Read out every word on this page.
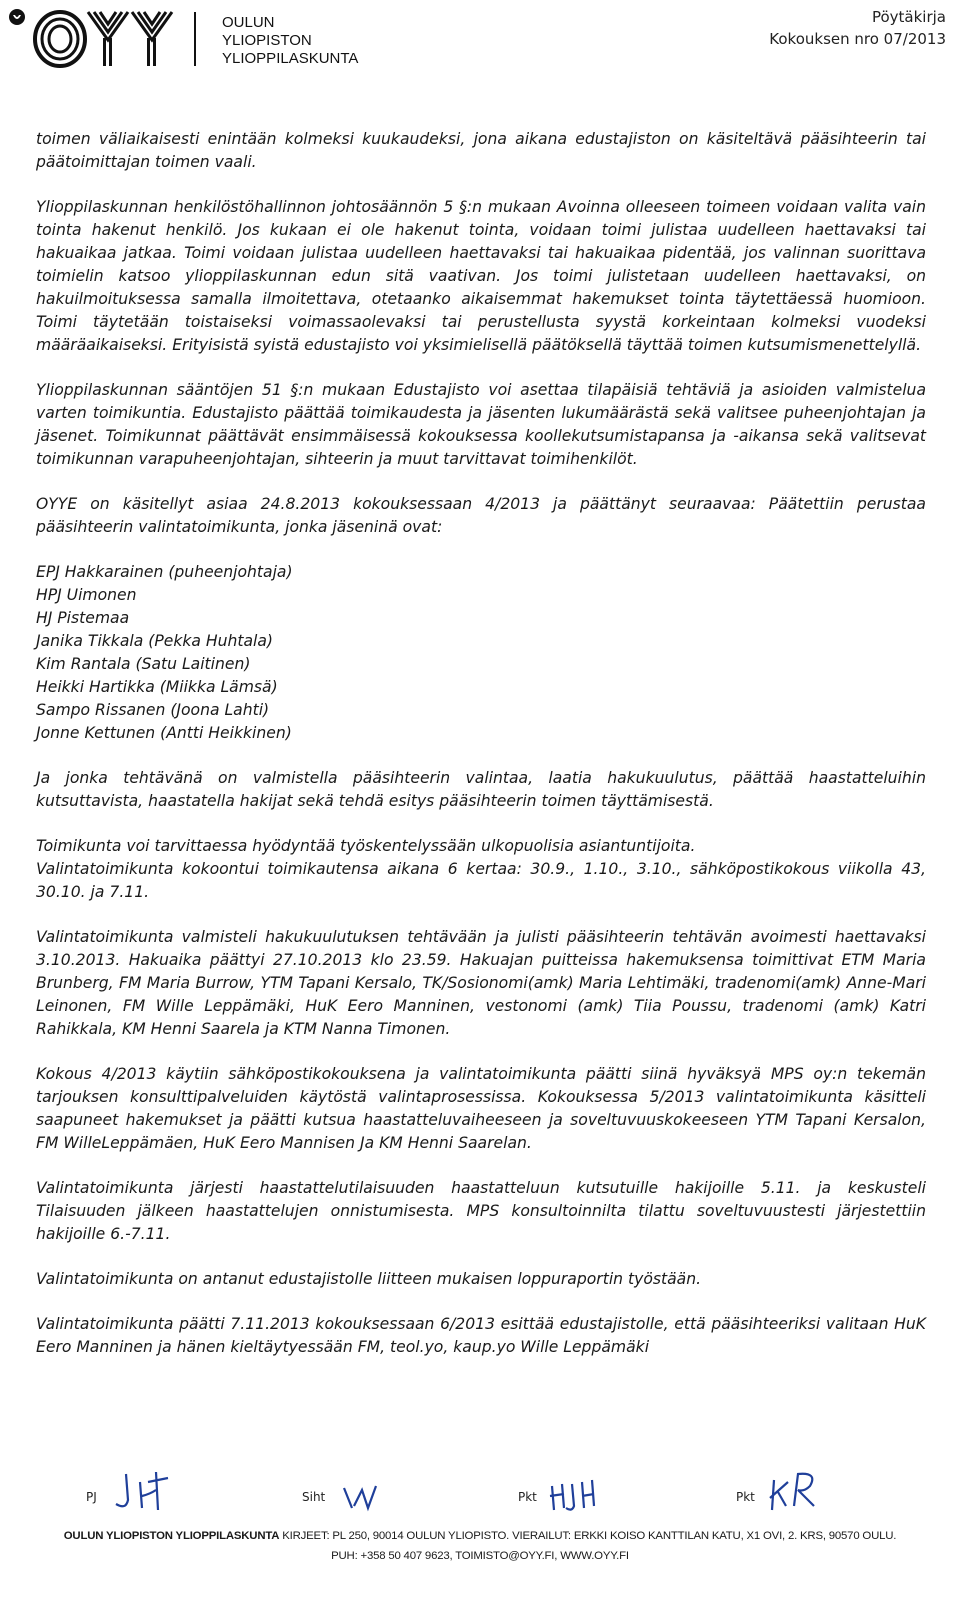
OULUN
YLIOPISTON
YLIOPPILASKUNTA
Pöytäkirja
Kokouksen nro 07/2013

toimen väliaikaisesti enintään kolmeksi kuukaudeksi, jona aikana edustajiston on käsiteltävä pääsihteerin tai päätoimittajan toimen vaali.

Ylioppilaskunnan henkilöstöhallinnon johtosäännön 5 §:n mukaan Avoinna olleeseen toimeen voidaan valita vain tointa hakenut henkilö. Jos kukaan ei ole hakenut tointa, voidaan toimi julistaa uudelleen haettavaksi tai hakuaikaa jatkaa. Toimi voidaan julistaa uudelleen haettavaksi tai hakuaikaa pidentää, jos valinnan suorittava toimielin katsoo ylioppilaskunnan edun sitä vaativan. Jos toimi julistetaan uudelleen haettavaksi, on hakuilmoituksessa samalla ilmoitettava, otetaanko aikaisemmat hakemukset tointa täytettäessä huomioon. Toimi täytetään toistaiseksi voimassaolevaksi tai perustellusta syystä korkeintaan kolmeksi vuodeksi määräaikaiseksi. Erityisistä syistä edustajisto voi yksimielisellä päätöksellä täyttää toimen kutsumismenettelyllä.

Ylioppilaskunnan sääntöjen 51 §:n mukaan Edustajisto voi asettaa tilapäisiä tehtäviä ja asioiden valmistelua varten toimikuntia. Edustajisto päättää toimikaudesta ja jäsenten lukumäärästä sekä valitsee puheenjohtajan ja jäsenet. Toimikunnat päättävät ensimmäisessä kokouksessa koollekutsumistapansa ja -aikansa sekä valitsevat toimikunnan varapuheenjohtajan, sihteerin ja muut tarvittavat toimihenkilöt.

OYYE on käsitellyt asiaa 24.8.2013 kokouksessaan 4/2013 ja päättänyt seuraavaa: Päätettiin perustaa pääsihteerin valintatoimikunta, jonka jäseninä ovat:

EPJ Hakkarainen (puheenjohtaja)

HPJ Uimonen

HJ Pistemaa

Janika Tikkala (Pekka Huhtala)

Kim Rantala (Satu Laitinen)

Heikki Hartikka (Miikka Lämsä)

Sampo Rissanen (Joona Lahti)

Jonne Kettunen (Antti Heikkinen)

Ja jonka tehtävänä on valmistella pääsihteerin valintaa, laatia hakukuulutus, päättää haastatteluihin kutsuttavista, haastatella hakijat sekä tehdä esitys pääsihteerin toimen täyttämisestä.

Toimikunta voi tarvittaessa hyödyntää työskentelyssään ulkopuolisia asiantuntijoita.

Valintatoimikunta kokoontui toimikautensa aikana 6 kertaa: 30.9., 1.10., 3.10., sähköpostikokous viikolla 43, 30.10. ja 7.11.

Valintatoimikunta valmisteli hakukuulutuksen tehtävään ja julisti pääsihteerin tehtävän avoimesti haettavaksi 3.10.2013. Hakuaika päättyi 27.10.2013 klo 23.59. Hakuajan puitteissa hakemuksensa toimittivat ETM Maria Brunberg, FM Maria Burrow, YTM Tapani Kersalo, TK/Sosionomi(amk) Maria Lehtimäki, tradenomi(amk) Anne-Mari Leinonen, FM Wille Leppämäki, HuK Eero Manninen, vestonomi (amk) Tiia Poussu, tradenomi (amk) Katri Rahikkala, KM Henni Saarela ja KTM Nanna Timonen.

Kokous 4/2013 käytiin sähköpostikokouksena ja valintatoimikunta päätti siinä hyväksyä MPS oy:n tekemän tarjouksen konsulttipalveluiden käytöstä valintaprosessissa. Kokouksessa 5/2013 valintatoimikunta käsitteli saapuneet hakemukset ja päätti kutsua haastatteluvaiheeseen ja soveltuvuuskokeeseen YTM Tapani Kersalon, FM WilleLeppämäen, HuK Eero Mannisen Ja KM Henni Saarelan.

Valintatoimikunta järjesti haastattelutilaisuuden haastatteluun kutsutuille hakijoille 5.11. ja keskusteli Tilaisuuden jälkeen haastattelujen onnistumisesta. MPS konsultoinnilta tilattu soveltuvuustesti järjestettiin hakijoille 6.-7.11.

Valintatoimikunta on antanut edustajistolle liitteen mukaisen loppuraportin työstään.

Valintatoimikunta päätti 7.11.2013 kokouksessaan 6/2013 esittää edustajistolle, että pääsihteeriksi valitaan HuK Eero Manninen ja hänen kieltäytyessään FM, teol.yo, kaup.yo Wille Leppämäki

PJ	Siht	Pkt	Pkt
OULUN YLIOPISTON YLIOPPILASKUNTA KIRJEET: PL 250, 90014 OULUN YLIOPISTO. VIERAILUT: ERKKI KOISO KANTTILAN KATU, X1 OVI, 2. KRS, 90570 OULU.
PUH: +358 50 407 9623, TOIMISTO@OYY.FI, WWW.OYY.FI
